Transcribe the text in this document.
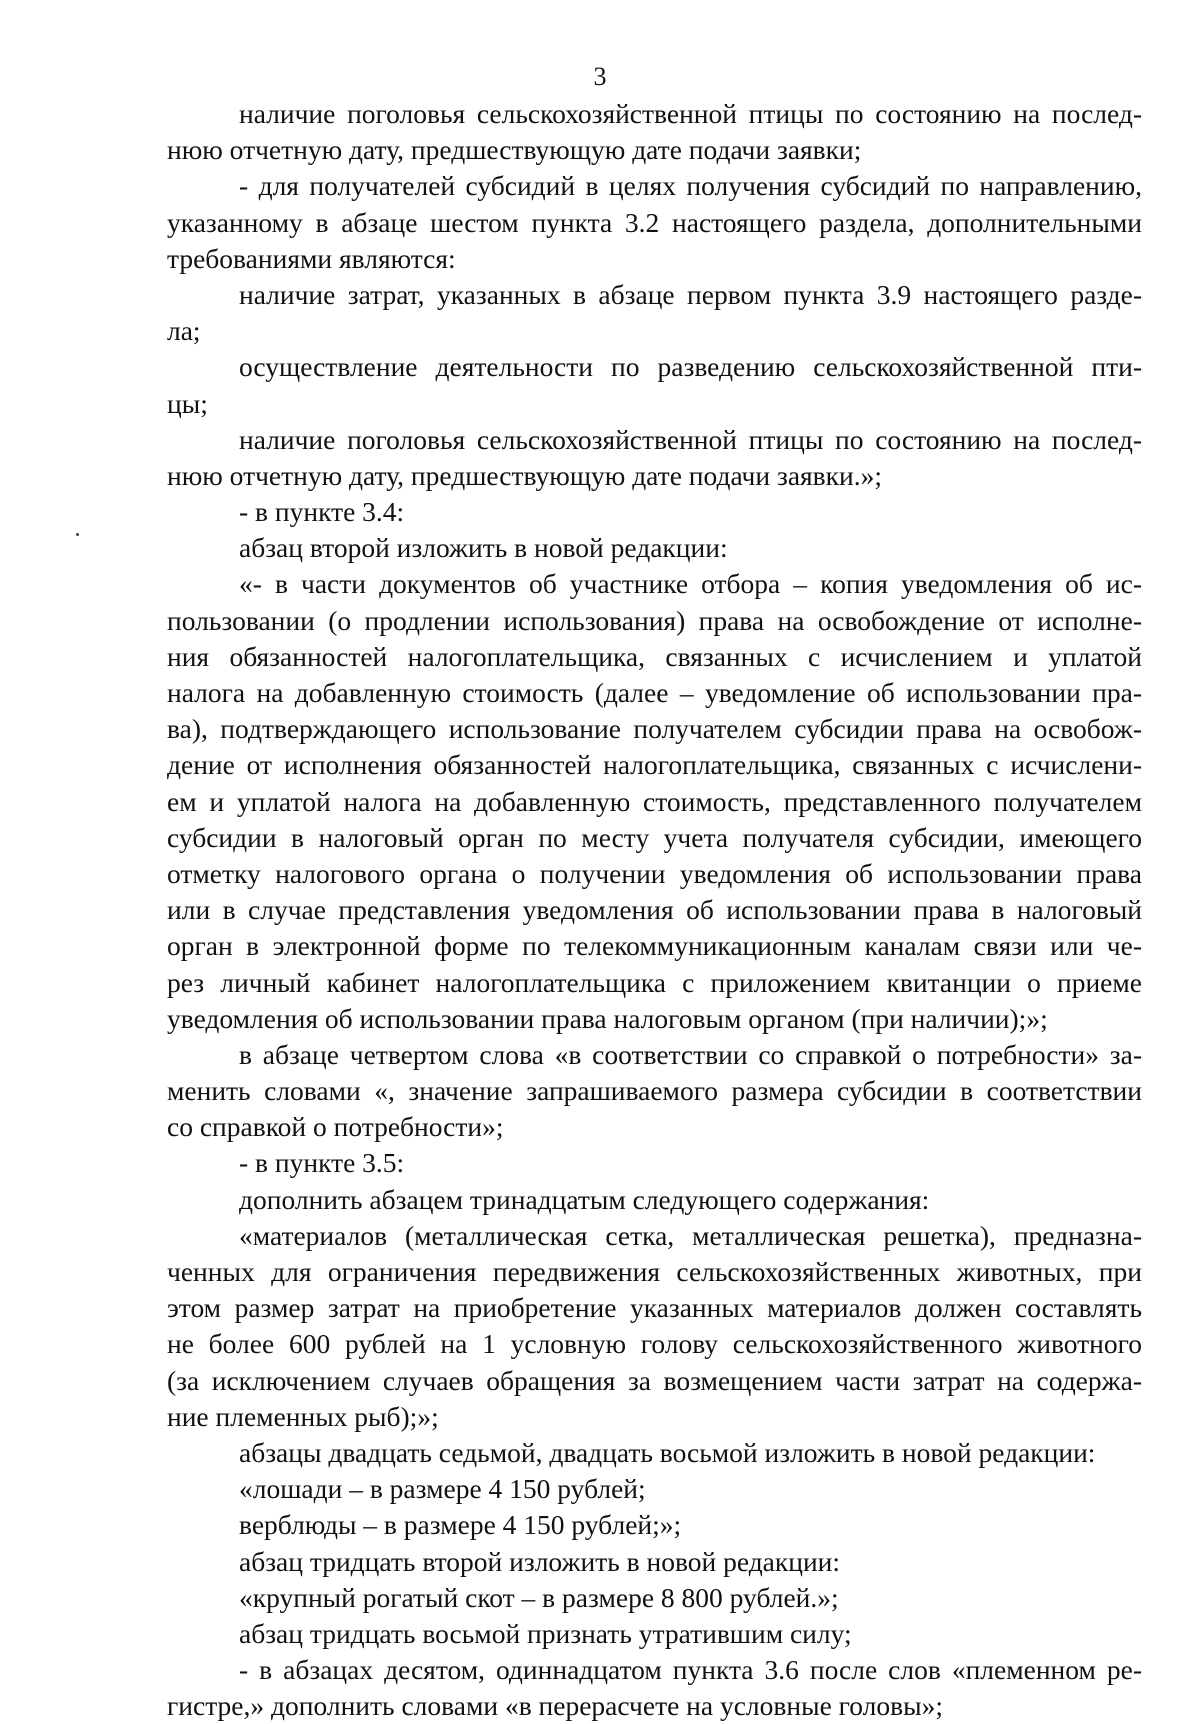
3
наличие поголовья сельскохозяйственной птицы по состоянию на послед-
нюю отчетную дату, предшествующую дате подачи заявки;
- для получателей субсидий в целях получения субсидий по направлению,
указанному в абзаце шестом пункта 3.2 настоящего раздела, дополнительными
требованиями являются:
наличие затрат, указанных в абзаце первом пункта 3.9 настоящего разде-
ла;
осуществление деятельности по разведению сельскохозяйственной пти-
цы;
наличие поголовья сельскохозяйственной птицы по состоянию на послед-
нюю отчетную дату, предшествующую дате подачи заявки.»;
- в пункте 3.4:
абзац второй изложить в новой редакции:
«- в части документов об участнике отбора – копия уведомления об ис-
пользовании (о продлении использования) права на освобождение от исполне-
ния обязанностей налогоплательщика, связанных с исчислением и уплатой
налога на добавленную стоимость (далее – уведомление об использовании пра-
ва), подтверждающего использование получателем субсидии права на освобож-
дение от исполнения обязанностей налогоплательщика, связанных с исчислени-
ем и уплатой налога на добавленную стоимость, представленного получателем
субсидии в налоговый орган по месту учета получателя субсидии, имеющего
отметку налогового органа о получении уведомления об использовании права
или в случае представления уведомления об использовании права в налоговый
орган в электронной форме по телекоммуникационным каналам связи или че-
рез личный кабинет налогоплательщика с приложением квитанции о приеме
уведомления об использовании права налоговым органом (при наличии);»;
в абзаце четвертом слова «в соответствии со справкой о потребности» за-
менить словами «, значение запрашиваемого размера субсидии в соответствии
со справкой о потребности»;
- в пункте 3.5:
дополнить абзацем тринадцатым следующего содержания:
«материалов (металлическая сетка, металлическая решетка), предназна-
ченных для ограничения передвижения сельскохозяйственных животных, при
этом размер затрат на приобретение указанных материалов должен составлять
не более 600 рублей на 1 условную голову сельскохозяйственного животного
(за исключением случаев обращения за возмещением части затрат на содержа-
ние племенных рыб);»;
абзацы двадцать седьмой, двадцать восьмой изложить в новой редакции:
«лошади – в размере 4 150 рублей;
верблюды – в размере 4 150 рублей;»;
абзац тридцать второй изложить в новой редакции:
«крупный рогатый скот – в размере 8 800 рублей.»;
абзац тридцать восьмой признать утратившим силу;
- в абзацах десятом, одиннадцатом пункта 3.6 после слов «племенном ре-
гистре,» дополнить словами «в перерасчете на условные головы»;
